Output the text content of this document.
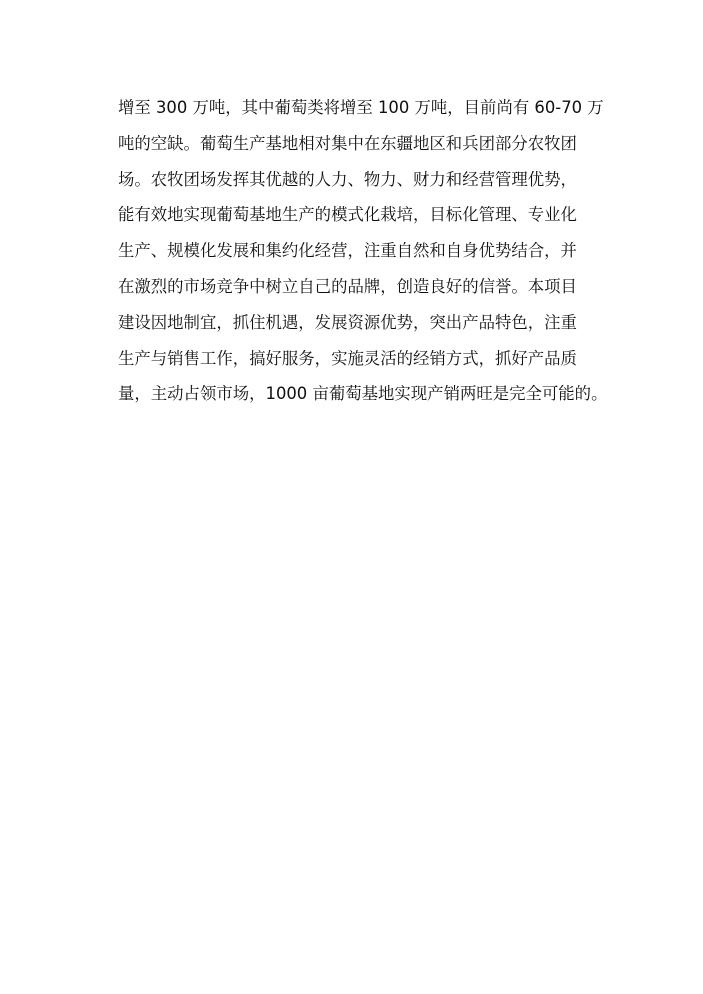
增至 300 万吨，其中葡萄类将增至 100 万吨，目前尚有 60-70 万
吨的空缺。葡萄生产基地相对集中在东疆地区和兵团部分农牧团
场。农牧团场发挥其优越的人力、物力、财力和经营管理优势，
能有效地实现葡萄基地生产的模式化栽培，目标化管理、专业化
生产、规模化发展和集约化经营，注重自然和自身优势结合，并
在激烈的市场竞争中树立自己的品牌，创造良好的信誉。本项目
建设因地制宜，抓住机遇，发展资源优势，突出产品特色，注重
生产与销售工作，搞好服务，实施灵活的经销方式，抓好产品质
量，主动占领市场，1000 亩葡萄基地实现产销两旺是完全可能的。
